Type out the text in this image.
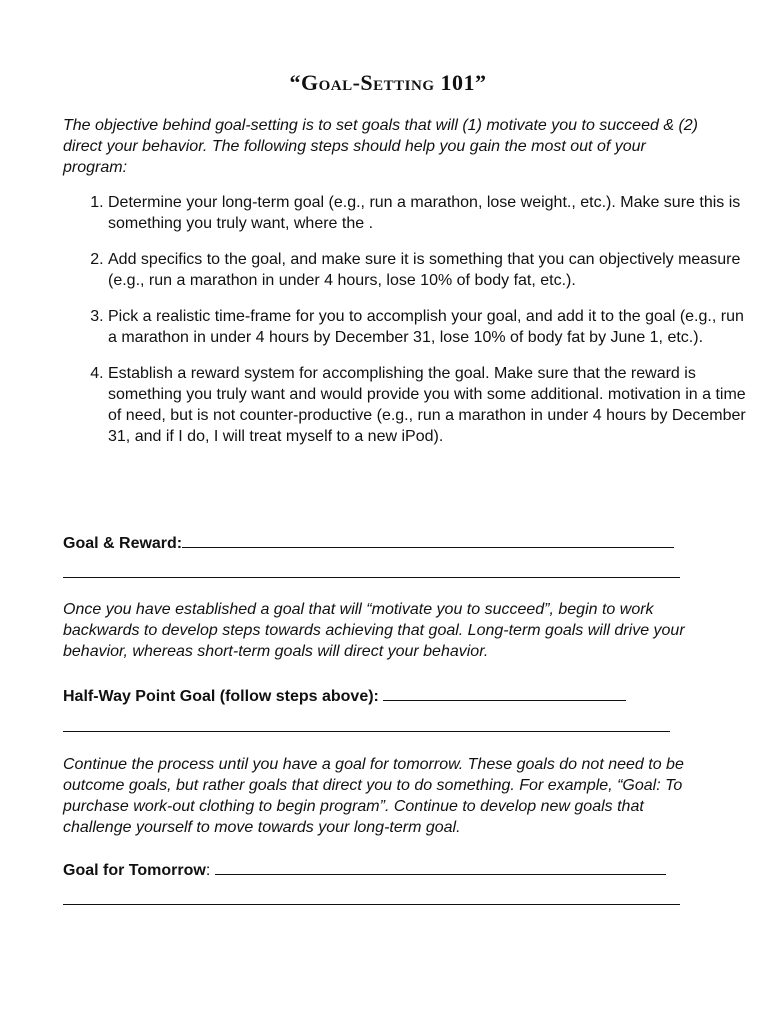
“Goal-Setting 101”

The objective behind goal-setting is to set goals that will (1) motivate you to succeed & (2) direct your behavior. The following steps should help you gain the most out of your program:

1. Determine your long-term goal (e.g., run a marathon, lose weight., etc.). Make sure this is something you truly want, where the .
2. Add specifics to the goal, and make sure it is something that you can objectively measure (e.g., run a marathon in under 4 hours, lose 10% of body fat, etc.).
3. Pick a realistic time-frame for you to accomplish your goal, and add it to the goal (e.g., run a marathon in under 4 hours by December 31, lose 10% of body fat by June 1, etc.).
4. Establish a reward system for accomplishing the goal. Make sure that the reward is something you truly want and would provide you with some additional. motivation in a time of need, but is not counter-productive (e.g., run a marathon in under 4 hours by December 31, and if I do, I will treat myself to a new iPod).
Goal & Reward:

Once you have established a goal that will “motivate you to succeed”, begin to work backwards to develop steps towards achieving that goal. Long-term goals will drive your behavior, whereas short-term goals will direct your behavior.

Half-Way Point Goal (follow steps above):

Continue the process until you have a goal for tomorrow. These goals do not need to be outcome goals, but rather goals that direct you to do something. For example, “Goal: To purchase work-out clothing to begin program”. Continue to develop new goals that challenge yourself to move towards your long-term goal.

Goal for Tomorrow:
